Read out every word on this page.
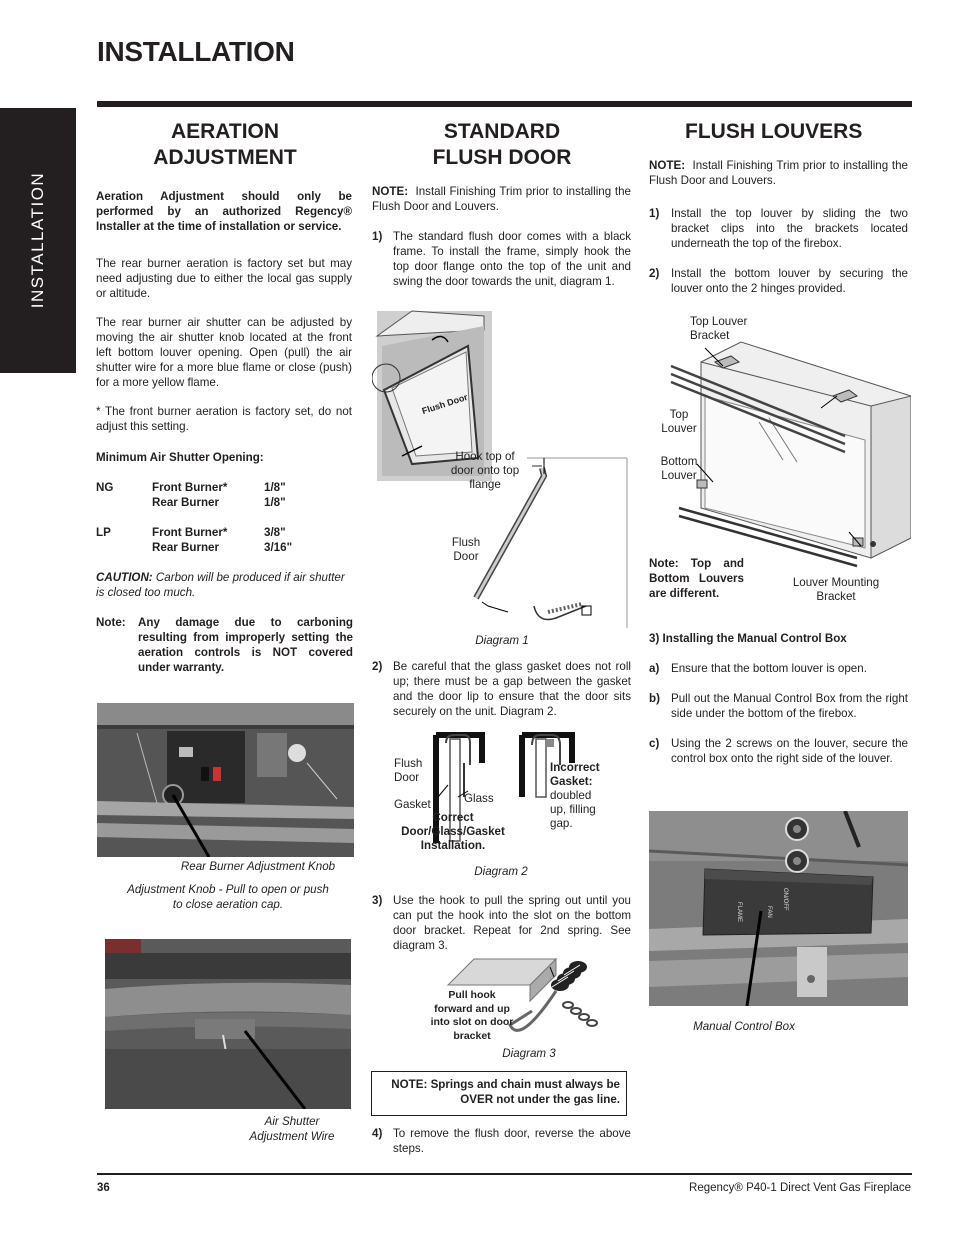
INSTALLATION
INSTALLATION
AERATION
ADJUSTMENT
Aeration Adjustment should only be performed by an authorized Regency® Installer at the time of installation or service.
The rear burner aeration is factory set but may need adjusting due to either the local gas supply or altitude.
The rear burner air shutter can be adjusted by moving the air shutter knob located at the front left bottom louver opening. Open (pull) the air shutter wire for a more blue flame or close (push) for a more yellow flame.
* The front burner aeration is factory set, do not adjust this setting.
Minimum Air Shutter Opening:
NG	Front Burner*	1/8"
Rear Burner	1/8"
LP	Front Burner*	3/8"
Rear Burner	3/16"
CAUTION: Carbon will be produced if air shutter is closed too much.
Note:	Any damage due to carboning resulting from improperly setting the aeration controls is NOT covered under warranty.
Rear Burner Adjustment Knob
Adjustment Knob - Pull to open or push to close aeration cap.
Air Shutter Adjustment Wire
STANDARD
FLUSH DOOR
NOTE: Install Finishing Trim prior to installing the Flush Door and Louvers.
1) The standard flush door comes with a black frame. To install the frame, simply hook the top door flange onto the top of the unit and swing the door towards the unit, diagram 1.
Flush Door
Hook top of door onto top flange
Flush Door
Diagram 1
2) Be careful that the glass gasket does not roll up; there must be a gap between the gasket and the door lip to ensure that the door sits securely on the unit. Diagram 2.
Flush Door
Gasket	Glass
Correct Door/Glass/Gasket Installation.
Incorrect Gasket:
doubled up, filling gap.
Diagram 2
3) Use the hook to pull the spring out until you can put the hook into the slot on the bottom door bracket. Repeat for 2nd spring. See diagram 3.
Pull hook forward and up into slot on door bracket
Diagram 3
NOTE: Springs and chain must always be OVER not under the gas line.
4) To remove the flush door, reverse the above steps.
FLUSH LOUVERS
NOTE: Install Finishing Trim prior to installing the Flush Door and Louvers.
1) Install the top louver by sliding the two bracket clips into the brackets located underneath the top of the firebox.
2) Install the bottom louver by securing the louver onto the 2 hinges provided.
Top Louver Bracket
Top Louver
Bottom Louver
Louver Mounting Bracket
Note: Top and Bottom Louvers are different.
3) Installing the Manual Control Box
a) Ensure that the bottom louver is open.
b) Pull out the Manual Control Box from the right side under the bottom of the firebox.
c) Using the 2 screws on the louver, secure the control box onto the right side of the louver.
ON/OFF
FAN
FLAME
Manual Control Box
36	Regency® P40-1 Direct Vent Gas Fireplace
